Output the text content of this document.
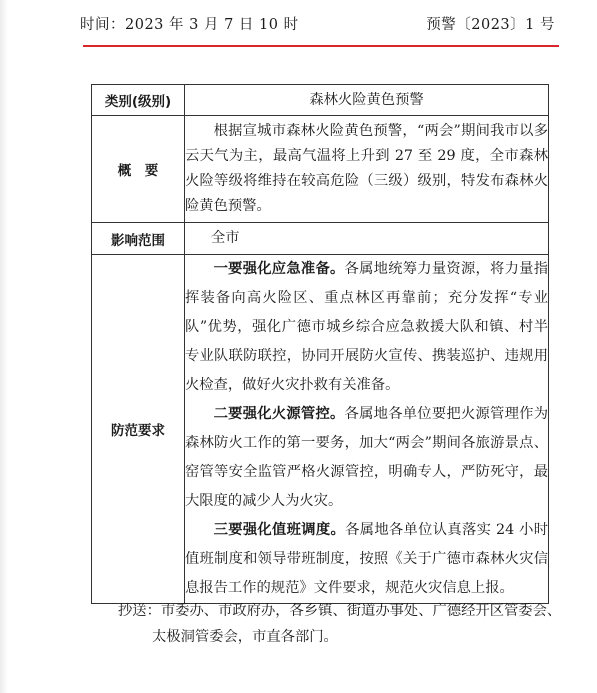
时间：2023 年 3 月 7 日 10 时	预警〔2023〕1 号
类别(级别)	森林火险黄色预警
概　要	根据宣城市森林火险黄色预警，“两会”期间我市以多云天气为主，最高气温将上升到 27 至 29 度，全市森林火险等级将维持在较高危险（三级）级别，特发布森林火险黄色预警。

影响范围	全市
防范要求	一要强化应急准备。各属地统筹力量资源，将力量指挥装备向高火险区、重点林区再靠前；充分发挥“专业队”优势，强化广德市城乡综合应急救援大队和镇、村半专业队联防联控，协同开展防火宣传、携装巡护、违规用火检查，做好火灾扑救有关准备。

二要强化火源管控。各属地各单位要把火源管理作为森林防火工作的第一要务，加大“两会”期间各旅游景点、窑管等安全监管严格火源管控，明确专人，严防死守，最大限度的减少人为火灾。

三要强化值班调度。各属地各单位认真落实 24 小时值班制度和领导带班制度，按照《关于广德市森林火灾信息报告工作的规范》文件要求，规范火灾信息上报。

抄送：市委办、市政府办，各乡镇、街道办事处、广德经开区管委会、
太极洞管委会，市直各部门。
